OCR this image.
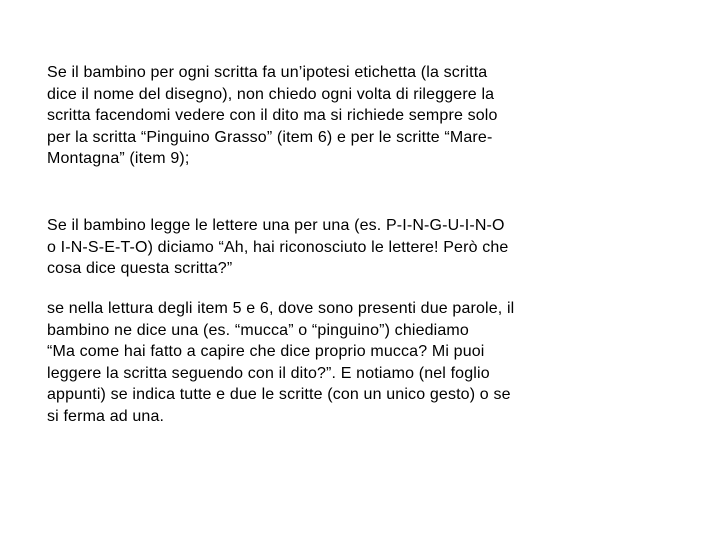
Se il bambino per ogni scritta fa un’ipotesi etichetta (la scritta
dice il nome del disegno), non chiedo ogni volta di rileggere la
scritta facendomi vedere con il dito ma si richiede sempre solo
per la scritta “Pinguino Grasso” (item 6) e per le scritte “Mare-
Montagna” (item 9);
Se il bambino legge le lettere una per una (es. P-I-N-G-U-I-N-O
o I-N-S-E-T-O) diciamo “Ah, hai riconosciuto le lettere! Però che
cosa dice questa scritta?”
se nella lettura degli item 5 e 6, dove sono presenti due parole, il
bambino ne dice una (es. “mucca” o “pinguino”) chiediamo
“Ma come hai fatto a capire che dice proprio mucca? Mi puoi
leggere la scritta seguendo con il dito?”. E notiamo (nel foglio
appunti) se indica tutte e due le scritte (con un unico gesto) o se
si ferma ad una.
